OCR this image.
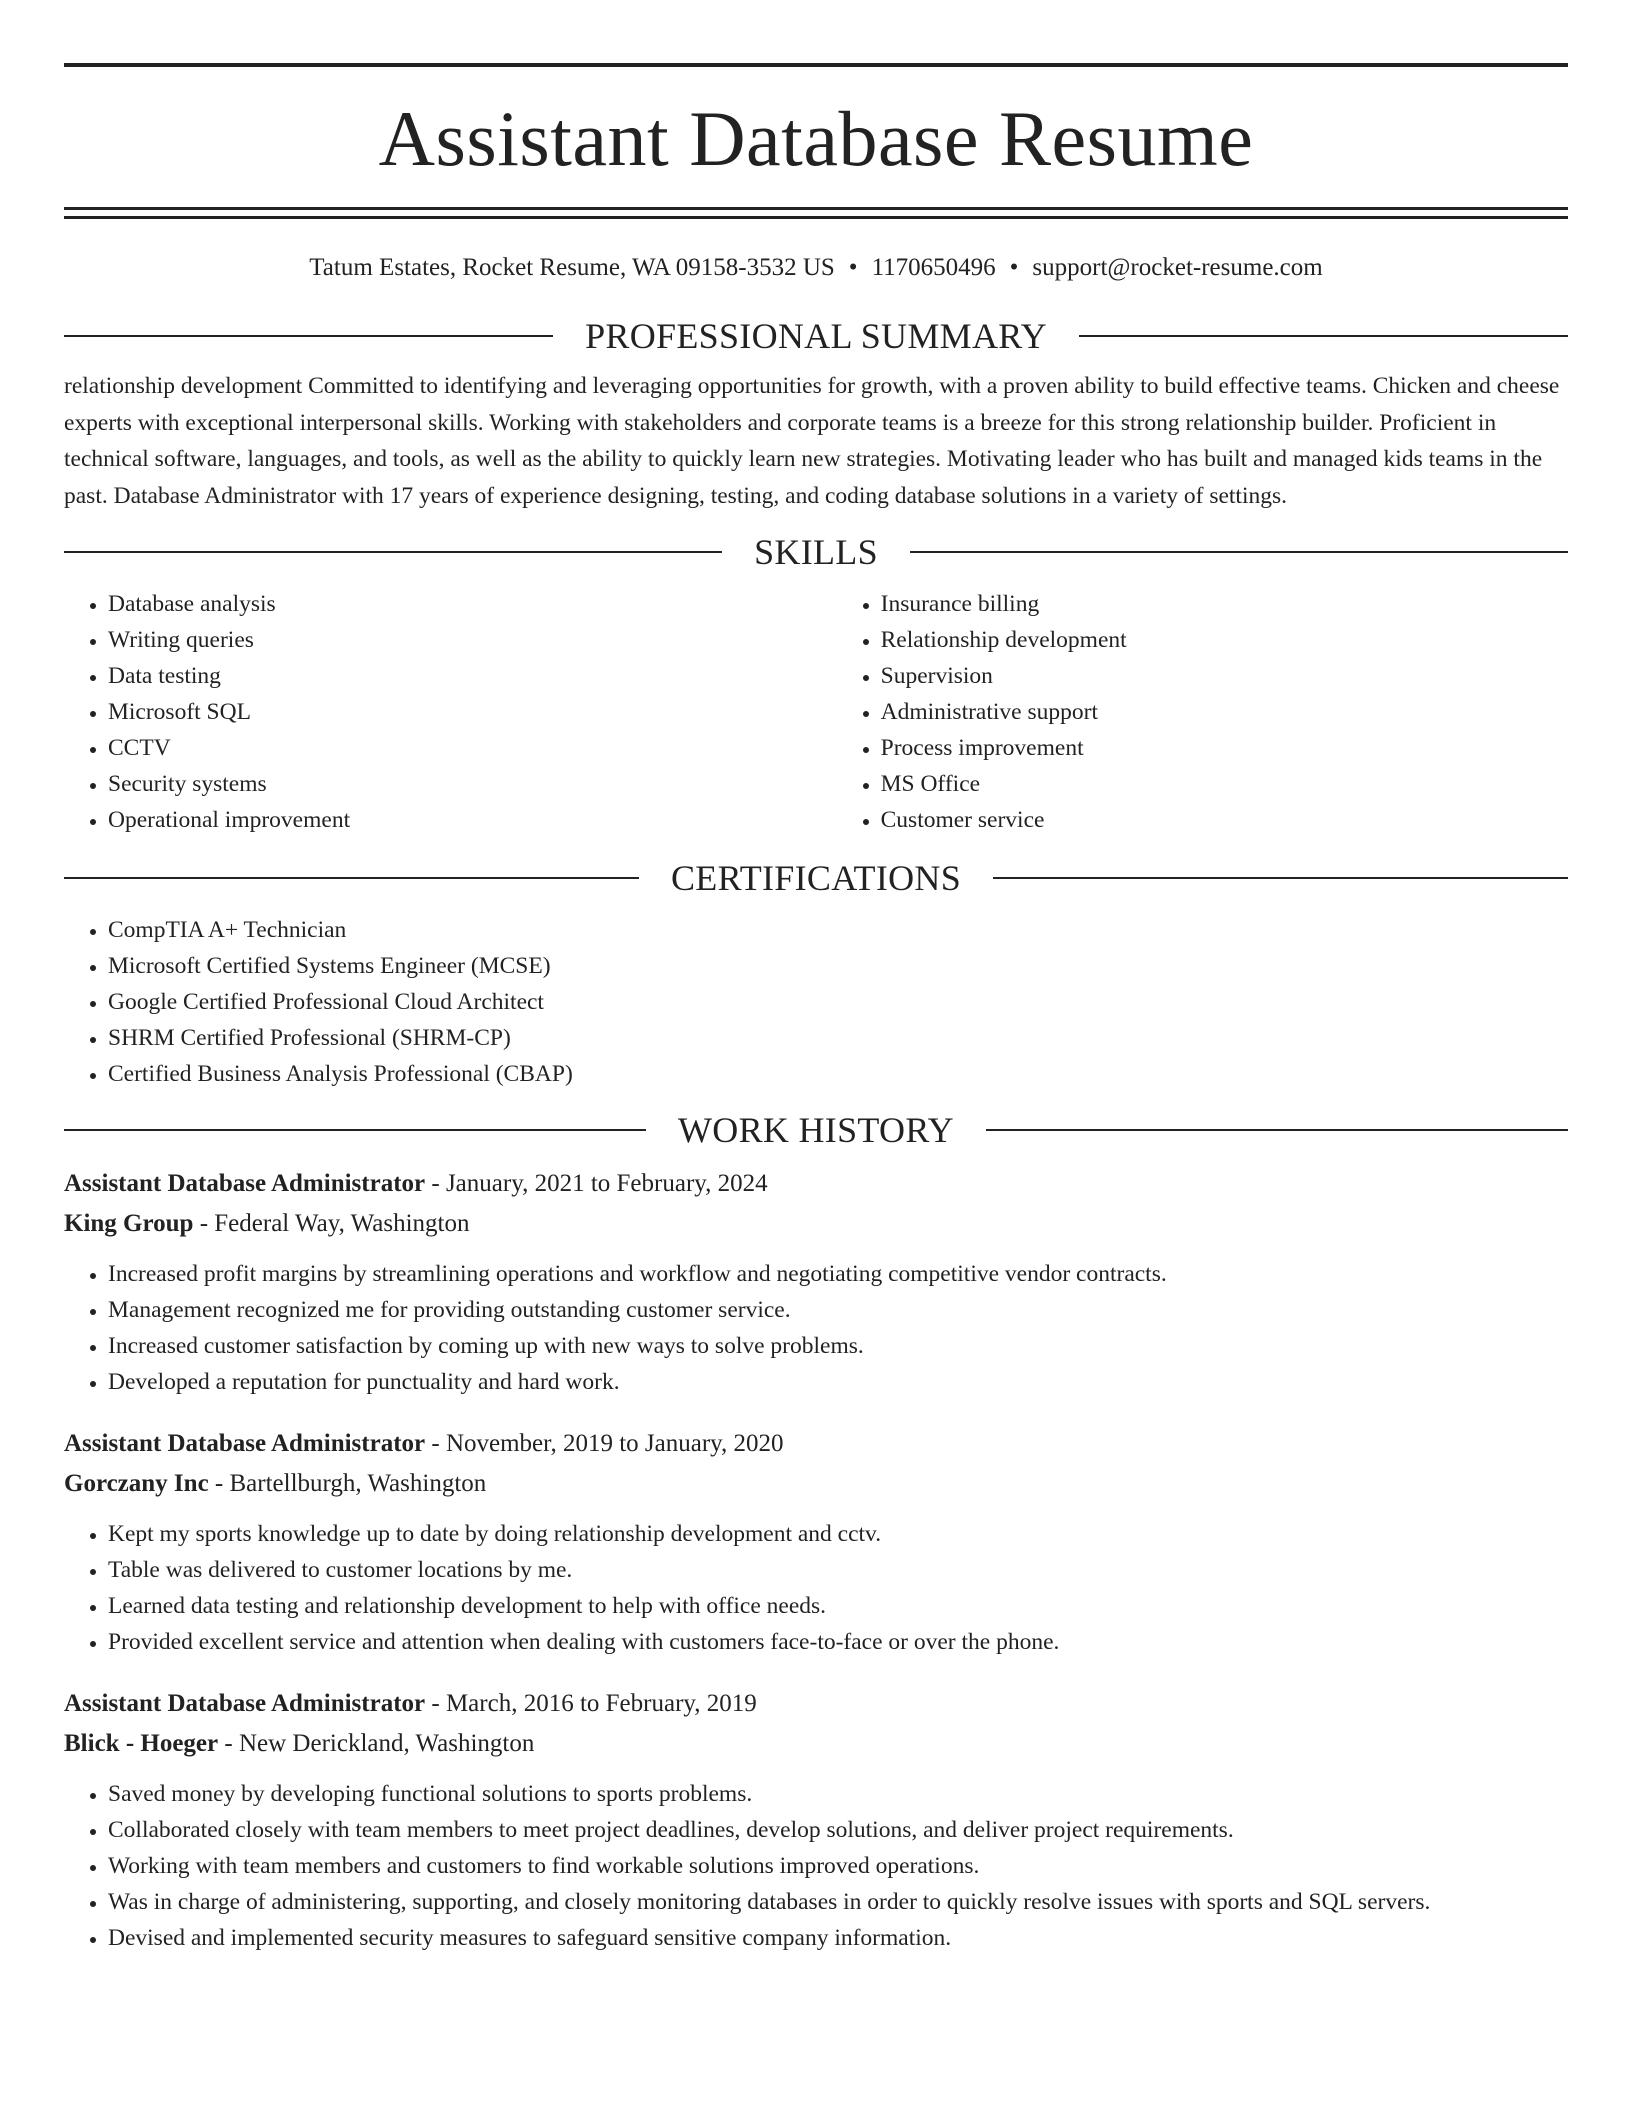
Assistant Database Resume
Tatum Estates, Rocket Resume, WA 09158-3532 US • 1170650496 • support@rocket-resume.com
PROFESSIONAL SUMMARY

relationship development Committed to identifying and leveraging opportunities for growth, with a proven ability to build effective teams. Chicken and cheese experts with exceptional interpersonal skills. Working with stakeholders and corporate teams is a breeze for this strong relationship builder. Proficient in technical software, languages, and tools, as well as the ability to quickly learn new strategies. Motivating leader who has built and managed kids teams in the past. Database Administrator with 17 years of experience designing, testing, and coding database solutions in a variety of settings.

SKILLS
• Database analysis
• Writing queries
• Data testing
• Microsoft SQL
• CCTV
• Security systems
• Operational improvement
• Insurance billing
• Relationship development
• Supervision
• Administrative support
• Process improvement
• MS Office
• Customer service
CERTIFICATIONS
• CompTIA A+ Technician
• Microsoft Certified Systems Engineer (MCSE)
• Google Certified Professional Cloud Architect
• SHRM Certified Professional (SHRM-CP)
• Certified Business Analysis Professional (CBAP)
WORK HISTORY
Assistant Database Administrator - January, 2021 to February, 2024
King Group - Federal Way, Washington
• Increased profit margins by streamlining operations and workflow and negotiating competitive vendor contracts.
• Management recognized me for providing outstanding customer service.
• Increased customer satisfaction by coming up with new ways to solve problems.
• Developed a reputation for punctuality and hard work.
Assistant Database Administrator - November, 2019 to January, 2020
Gorczany Inc - Bartellburgh, Washington
• Kept my sports knowledge up to date by doing relationship development and cctv.
• Table was delivered to customer locations by me.
• Learned data testing and relationship development to help with office needs.
• Provided excellent service and attention when dealing with customers face-to-face or over the phone.
Assistant Database Administrator - March, 2016 to February, 2019
Blick - Hoeger - New Derickland, Washington
• Saved money by developing functional solutions to sports problems.
• Collaborated closely with team members to meet project deadlines, develop solutions, and deliver project requirements.
• Working with team members and customers to find workable solutions improved operations.
• Was in charge of administering, supporting, and closely monitoring databases in order to quickly resolve issues with sports and SQL servers.
• Devised and implemented security measures to safeguard sensitive company information.
